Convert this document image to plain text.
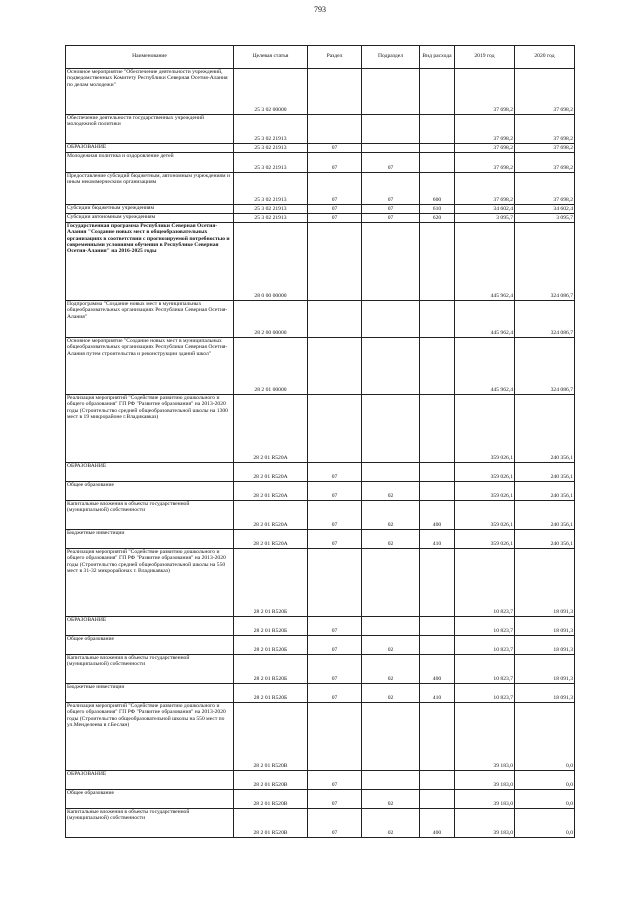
793
Наименование	Целевая статья	Раздел	Подраздел	Вид расхода	2019 год	2020 год
Основное мероприятие "Обеспечение деятельности учреждений, подведомственных Комитету Республики Северная Осетия-Алания по делам молодежи"	25 3 02 00000				37 698,2	37 698,2
Обеспечение деятельности государственных учреждений молодежной политики	25 3 02 21913				37 698,2	37 698,2
ОБРАЗОВАНИЕ	25 3 02 21913	07			37 698,2	37 698,2
Молодежная политика и оздоровление детей	25 3 02 21913	07	07		37 698,2	37 698,2
Предоставление субсидий бюджетным, автономным учреждениям и иным некоммерческим организациям	25 3 02 21913	07	07	600	37 698,2	37 698,2
Субсидии бюджетным учреждениям	25 3 02 21913	07	07	610	34 602,4	34 602,4
Субсидии автономным учреждениям	25 3 02 21913	07	07	620	3 095,7	3 095,7
Государственная программа Республики Северная Осетия-Алания "Создание новых мест в общеобразовательных организациях в соответствии с прогнозируемой потребностью и современными условиями обучения в Республике Северная Осетия-Алания" на 2016-2025 годы	28 0 00 00000				445 962,4	324 086,7
Подпрограмма "Создание новых мест в муниципальных общеобразовательных организациях Республики Северная Осетия-Алания"	28 2 00 00000				445 962,4	324 086,7
Основное мероприятие "Создание новых мест в муниципальных общеобразовательных организациях Республики Северная Осетия-Алания путем строительства и реконструкции зданий школ"	28 2 01 00000				445 962,4	324 086,7
Реализация мероприятий "Содействие развитию дошкольного и общего образования" ГП РФ "Развитие образования" на 2013-2020 годы (Строительство средней общеобразовательной школы на 1300 мест в 19 микрорайоне г.Владикавказ)	28 2 01 R520A				359 026,1	240 356,1
ОБРАЗОВАНИЕ	28 2 01 R520A	07			359 026,1	240 356,1
Общее образование	28 2 01 R520A	07	02		359 026,1	240 356,1
Капитальные вложения в объекты государственной (муниципальной) собственности	28 2 01 R520A	07	02	400	359 026,1	240 356,1
Бюджетные инвестиции	28 2 01 R520A	07	02	410	359 026,1	240 356,1
Реализация мероприятий "Содействие развитию дошкольного и общего образования" ГП РФ "Развитие образования" на 2013-2020 годы (Строительство средней общеобразовательной школы на 550 мест в 31-32 микрорайонах г. Владикавказ)	28 2 01 R520Б				10 823,7	18 091,3
ОБРАЗОВАНИЕ	28 2 01 R520Б	07			10 823,7	18 091,3
Общее образование	28 2 01 R520Б	07	02		10 823,7	18 091,3
Капитальные вложения в объекты государственной (муниципальной) собственности	28 2 01 R520Б	07	02	400	10 823,7	18 091,3
Бюджетные инвестиции	28 2 01 R520Б	07	02	410	10 823,7	18 091,3
Реализация мероприятий "Содействие развитию дошкольного и общего образования" ГП РФ "Развитие образования" на 2013-2020 годы (Строительство общеобразовательной школы на 550 мест по ул.Менделеева в г.Беслан)	28 2 01 R520В				39 183,0	0,0
ОБРАЗОВАНИЕ	28 2 01 R520В	07			39 183,0	0,0
Общее образование	28 2 01 R520В	07	02		39 183,0	0,0
Капитальные вложения в объекты государственной (муниципальной) собственности	28 2 01 R520В	07	02	400	39 183,0	0,0
